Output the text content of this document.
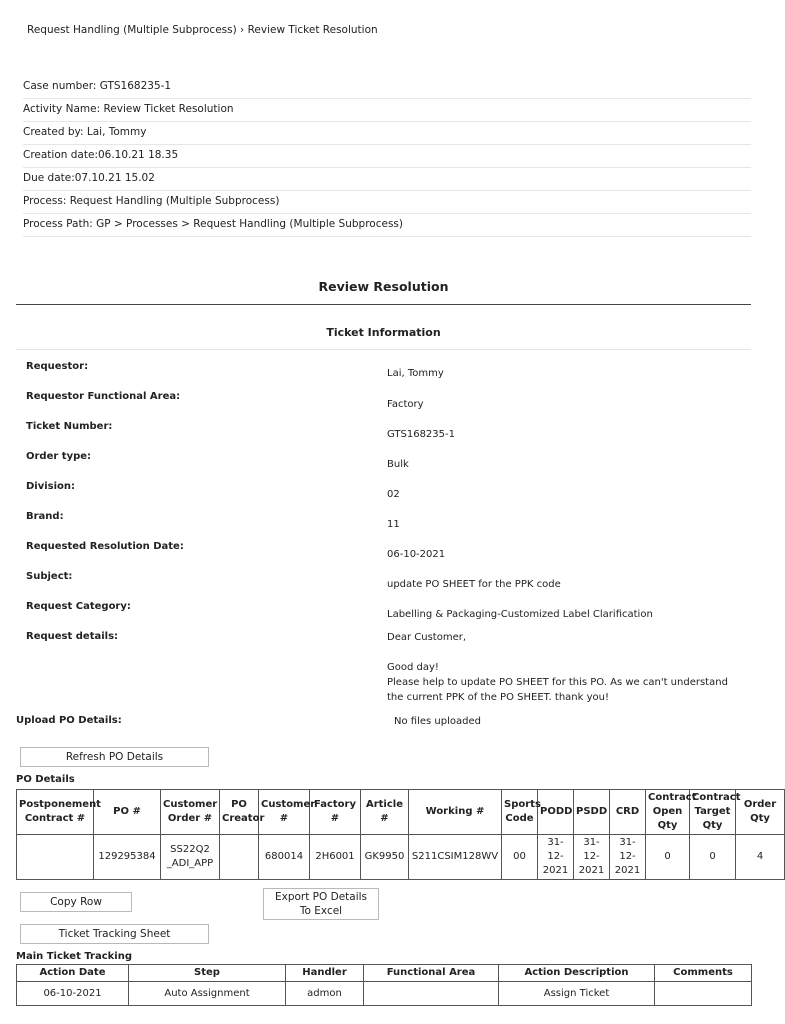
Request Handling (Multiple Subprocess) › Review Ticket Resolution
Case number: GTS168235-1
Activity Name: Review Ticket Resolution
Created by: Lai, Tommy
Creation date:06.10.21 18.35
Due date:07.10.21 15.02
Process: Request Handling (Multiple Subprocess)
Process Path: GP > Processes > Request Handling (Multiple Subprocess)
Review Resolution
Ticket Information
Requestor:
Lai, Tommy
Requestor Functional Area:
Factory
Ticket Number:
GTS168235-1
Order type:
Bulk
Division:
02
Brand:
11
Requested Resolution Date:
06-10-2021
Subject:
update PO SHEET for the PPK code
Request Category:
Labelling & Packaging-Customized Label Clarification
Request details:	Dear Customer,
Good day!
Please help to update PO SHEET for this PO. As we can't understand the current PPK of the PO SHEET. thank you!
Upload PO Details:	No files uploaded
Refresh PO Details
PO Details
Postponement Contract #	PO #	Customer Order #	PO Creator	Customer #	Factory #	Article #	Working #	Sports Code	PODD	PSDD	CRD	Contract Open Qty	Contract Target Qty	Order Qty
	129295384	SS22Q2 _ADI_APP		680014	2H6001	GK9950	S211CSIM128WV	00	31-12-2021	31-12-2021	31-12-2021	0	0	4
Copy Row	Export PO Details To Excel
Ticket Tracking Sheet
Main Ticket Tracking
Action Date	Step	Handler	Functional Area	Action Description	Comments
06-10-2021	Auto Assignment	admon		Assign Ticket	
